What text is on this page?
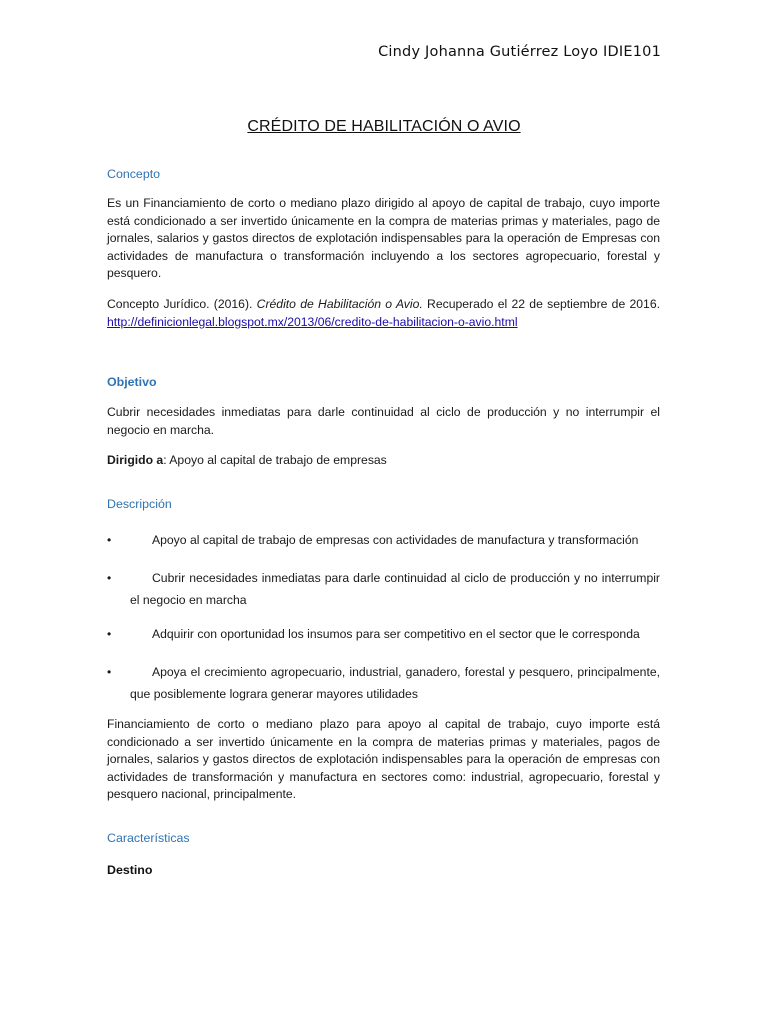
Cindy Johanna Gutiérrez Loyo IDIE101
CRÉDITO DE HABILITACIÓN O AVIO
Concepto
Es un Financiamiento de corto o mediano plazo dirigido al apoyo de capital de trabajo, cuyo importe está condicionado a ser invertido únicamente en la compra de materias primas y materiales, pago de jornales, salarios y gastos directos de explotación indispensables para la operación de Empresas con actividades de manufactura o transformación incluyendo a los sectores agropecuario, forestal y pesquero.
Concepto Jurídico. (2016). Crédito de Habilitación o Avio. Recuperado el 22 de septiembre de 2016. http://definicionlegal.blogspot.mx/2013/06/credito-de-habilitacion-o-avio.html
Objetivo
Cubrir necesidades inmediatas para darle continuidad al ciclo de producción y no interrumpir el negocio en marcha.
Dirigido a: Apoyo al capital de trabajo de empresas
Descripción
•	Apoyo al capital de trabajo de empresas con actividades de manufactura y transformación
•	Cubrir necesidades inmediatas para darle continuidad al ciclo de producción y no interrumpir el negocio en marcha
•	Adquirir con oportunidad los insumos para ser competitivo en el sector que le corresponda
•	Apoya el crecimiento agropecuario, industrial, ganadero, forestal y pesquero, principalmente, que posiblemente lograra generar mayores utilidades
Financiamiento de corto o mediano plazo para apoyo al capital de trabajo, cuyo importe está condicionado a ser invertido únicamente en la compra de materias primas y materiales, pagos de jornales, salarios y gastos directos de explotación indispensables para la operación de empresas con actividades de transformación y manufactura en sectores como: industrial, agropecuario, forestal y pesquero nacional, principalmente.
Características
Destino
